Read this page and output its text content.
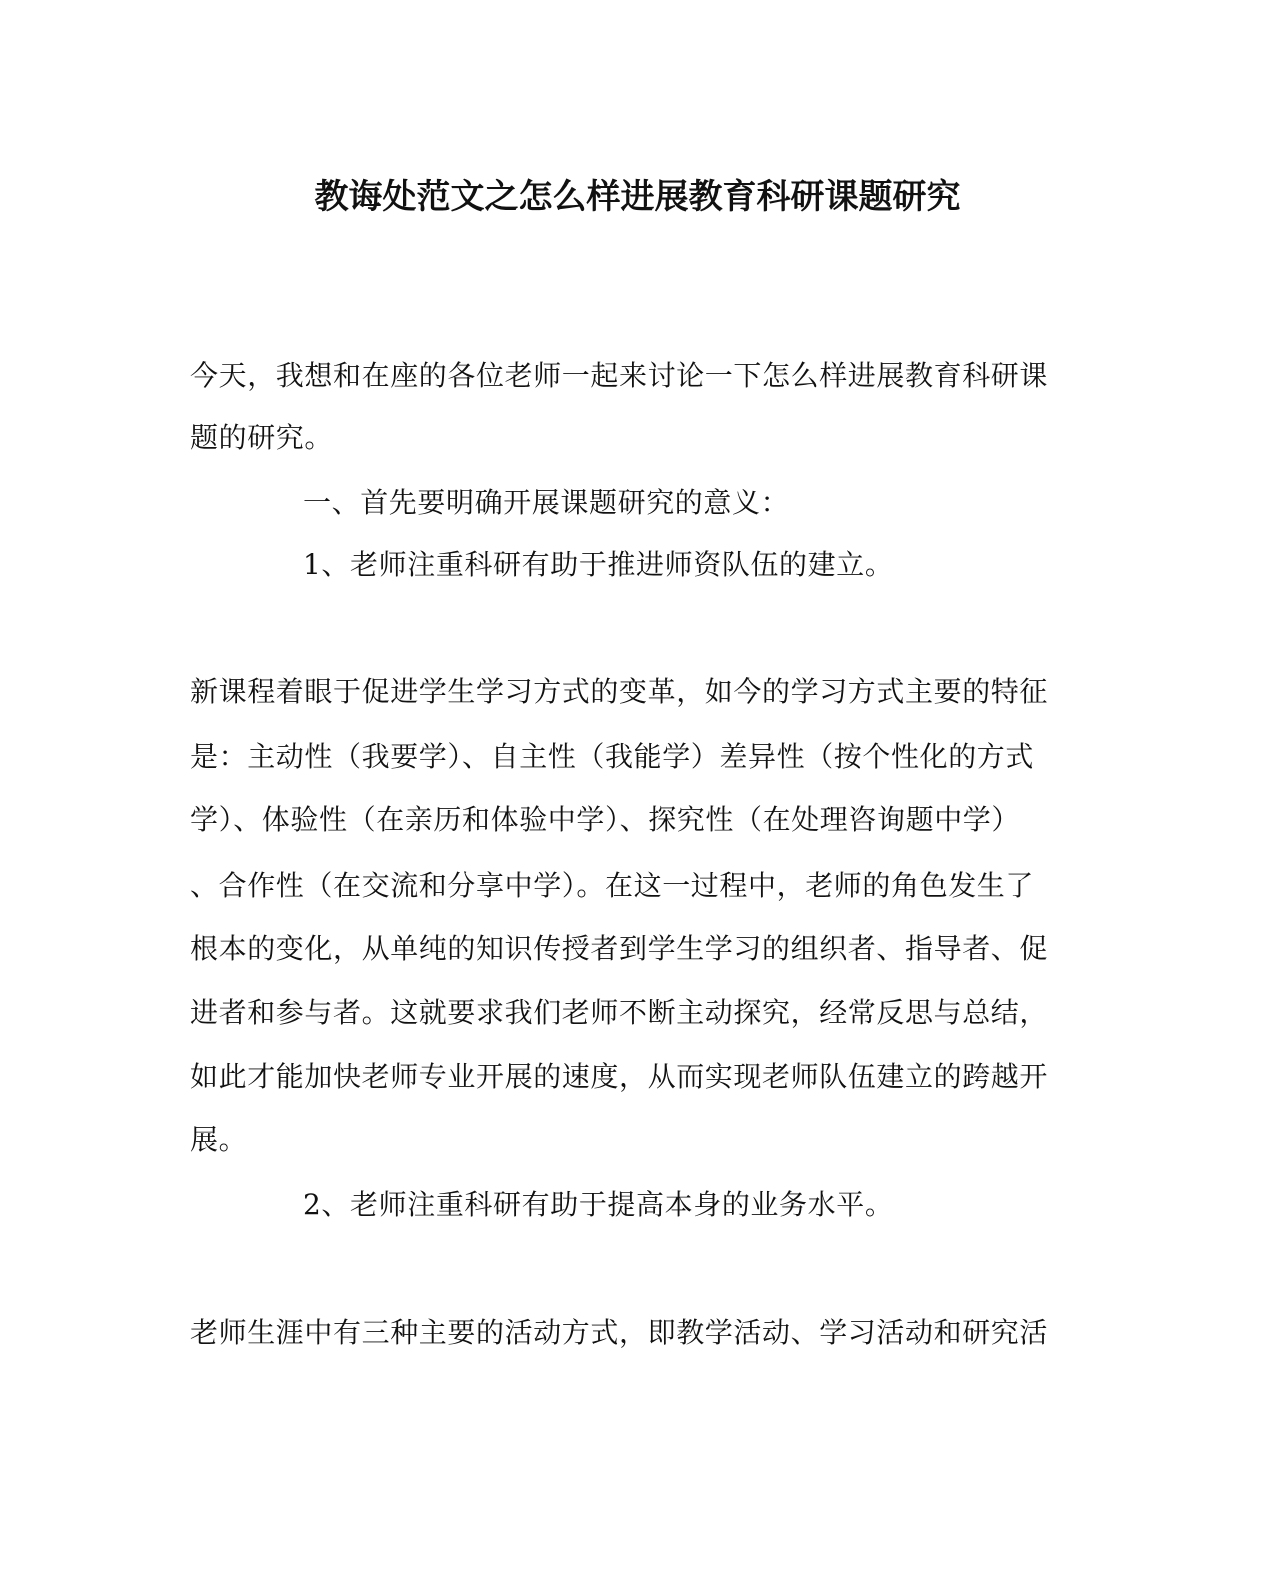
教诲处范文之怎么样进展教育科研课题研究
今天，我想和在座的各位老师一起来讨论一下怎么样进展教育科研课
题的研究。
一、首先要明确开展课题研究的意义：
1、老师注重科研有助于推进师资队伍的建立。
新课程着眼于促进学生学习方式的变革，如今的学习方式主要的特征
是：主动性（我要学）、自主性（我能学）差异性（按个性化的方式
学）、体验性（在亲历和体验中学）、探究性（在处理咨询题中学）
、合作性（在交流和分享中学）。在这一过程中，老师的角色发生了
根本的变化，从单纯的知识传授者到学生学习的组织者、指导者、促
进者和参与者。这就要求我们老师不断主动探究，经常反思与总结，
如此才能加快老师专业开展的速度，从而实现老师队伍建立的跨越开
展。
2、老师注重科研有助于提高本身的业务水平。
老师生涯中有三种主要的活动方式，即教学活动、学习活动和研究活
